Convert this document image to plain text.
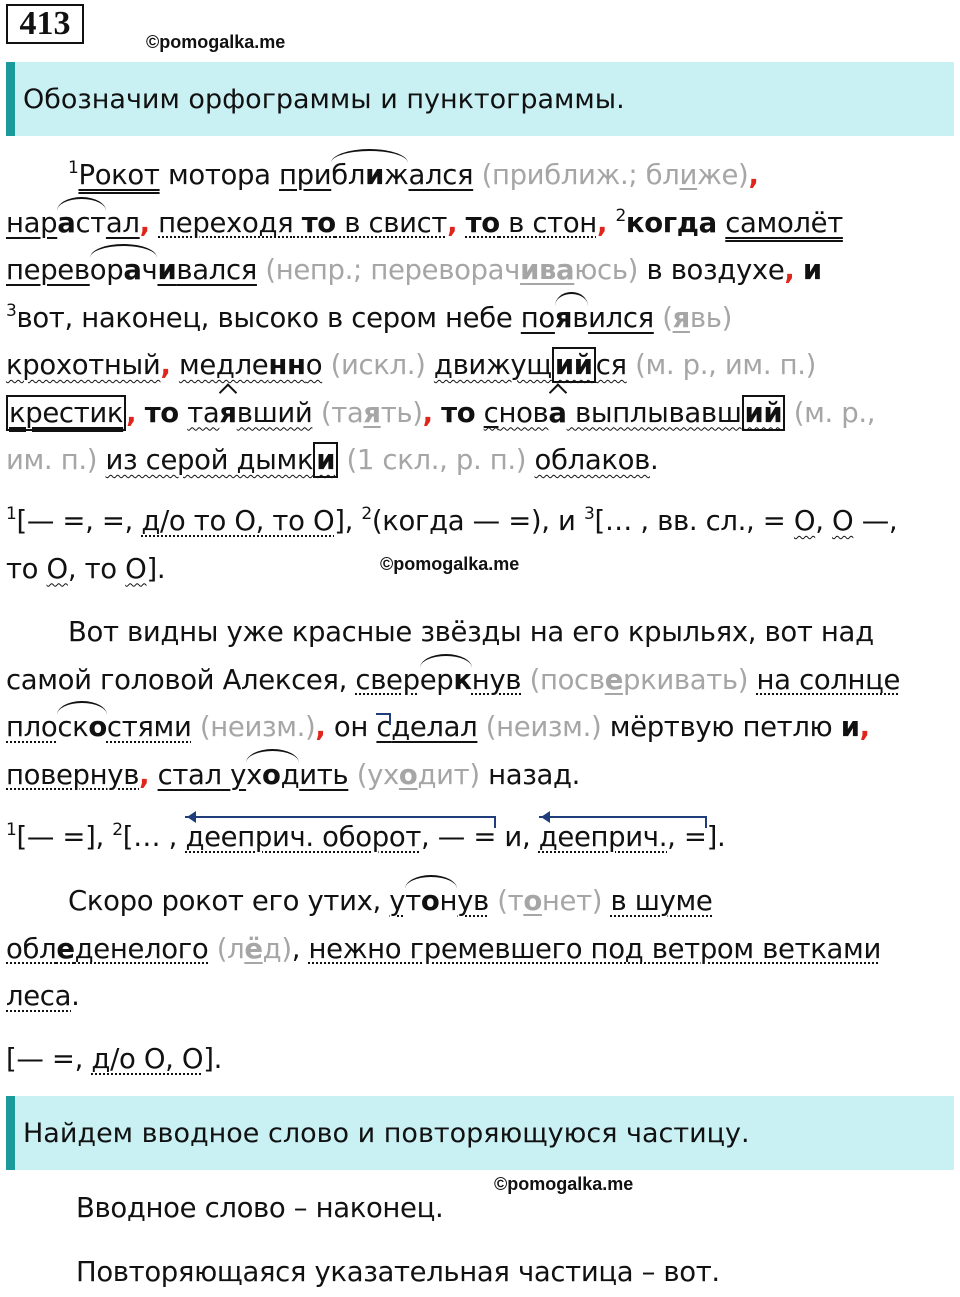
413	©pomogalka.me
Обозначим орфограммы и пунктограммы.

$^1$Рокот мотора приближался (приближ.; ближе),
нарастал, переходя то в свист, то в стон, $^2$когда самолёт
переворачивался (непр.; переворачиваюсь) в воздухе, и
$^3$вот, наконец, высоко в сером небе появился (явь)
крохотный, медленно (искл.) движущ ий ся (м. р., им. п.)
крестик , то таявший (таять), то снова выплывавш ий (м. р.,
им. п.) из серой дымк и (1 скл., р. п.) облаков.

$^1$[— =, =, д/о то О, то О], $^2$(когда — =), и $^3$[… , вв. сл., = О, О —,
то О, то О].	©pomogalka.me

Вот видны уже красные звёзды на его крыльях, вот над
самой головой Алексея, свереркнув (посверкивать) на солнце
плоскостями (неизм.), он сделал (неизм.) мёртвую петлю и,
повернув, стал уходить (уходит) назад.

$^1$[— =], $^2$[… , дееприч. оборот, — = и, дееприч., =].

Скоро рокот его утих, утонув (тонет) в шуме
обледенелого (лёд), нежно гремевшего под ветром ветками
леса.

[— =, д/о О, О].

Найдем вводное слово и повторяющуюся частицу.
©pomogalka.me

Вводное слово – наконец.

Повторяющаяся указательная частица – вот.
